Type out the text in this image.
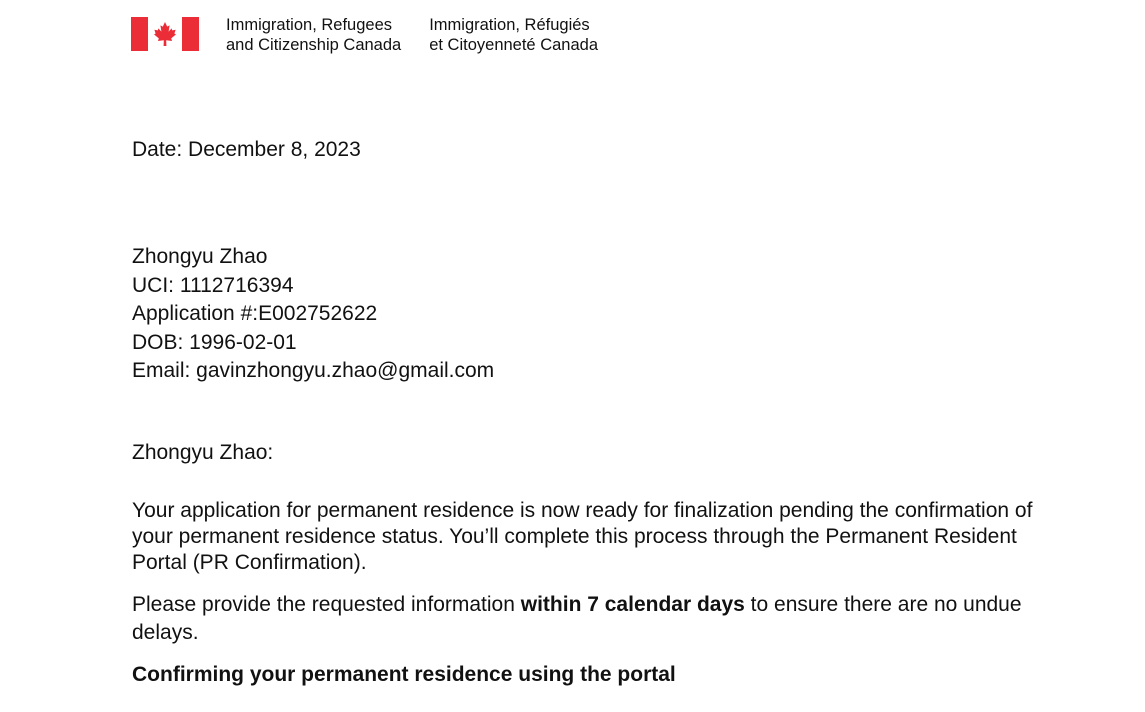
Immigration, Refugees
and Citizenship Canada
Immigration, Réfugiés
et Citoyenneté Canada
Date: December 8, 2023
Zhongyu Zhao
UCI: 1112716394
Application #:E002752622
DOB: 1996-02-01
Email: gavinzhongyu.zhao@gmail.com
Zhongyu Zhao:
Your application for permanent residence is now ready for finalization pending the confirmation of your permanent residence status. You’ll complete this process through the Permanent Resident Portal (PR Confirmation).
Please provide the requested information within 7 calendar days to ensure there are no undue delays.
Confirming your permanent residence using the portal
